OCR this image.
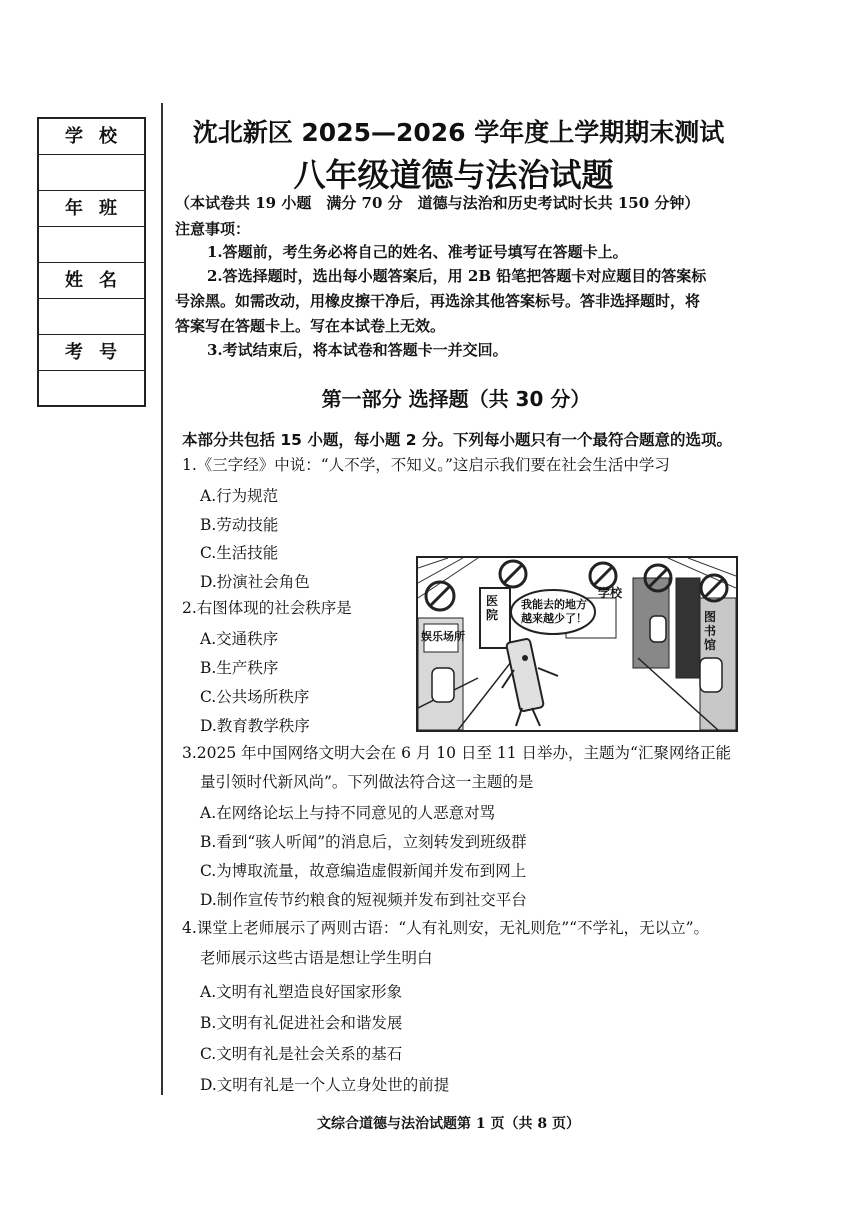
学校
年班
姓名
考号
沈北新区 2025—2026 学年度上学期期末测试
八年级道德与法治试题
（本试卷共 19 小题　满分 70 分　道德与法治和历史考试时长共 150 分钟）
注意事项：
1.答题前，考生务必将自己的姓名、准考证号填写在答题卡上。
2.答选择题时，选出每小题答案后，用 2B 铅笔把答题卡对应题目的答案标
号涂黑。如需改动，用橡皮擦干净后，再选涂其他答案标号。答非选择题时，将
答案写在答题卡上。写在本试卷上无效。
3.考试结束后，将本试卷和答题卡一并交回。
第一部分 选择题（共 30 分）
本部分共包括 15 小题，每小题 2 分。下列每小题只有一个最符合题意的选项。
1.《三字经》中说：“人不学，不知义。”这启示我们要在社会生活中学习
A.行为规范
B.劳动技能
C.生活技能
D.扮演社会角色
2.右图体现的社会秩序是
A.交通秩序
B.生产秩序
C.公共场所秩序
D.教育教学秩序
我能去的地方
越来越少了！
医院
学校
娱乐场所
图书馆
3.2025 年中国网络文明大会在 6 月 10 日至 11 日举办，主题为“汇聚网络正能
量引领时代新风尚”。下列做法符合这一主题的是
A.在网络论坛上与持不同意见的人恶意对骂
B.看到“骇人听闻”的消息后，立刻转发到班级群
C.为博取流量，故意编造虚假新闻并发布到网上
D.制作宣传节约粮食的短视频并发布到社交平台
4.课堂上老师展示了两则古语：“人有礼则安，无礼则危”“不学礼，无以立”。
老师展示这些古语是想让学生明白
A.文明有礼塑造良好国家形象
B.文明有礼促进社会和谐发展
C.文明有礼是社会关系的基石
D.文明有礼是一个人立身处世的前提
文综合道德与法治试题第 1 页（共 8 页）
